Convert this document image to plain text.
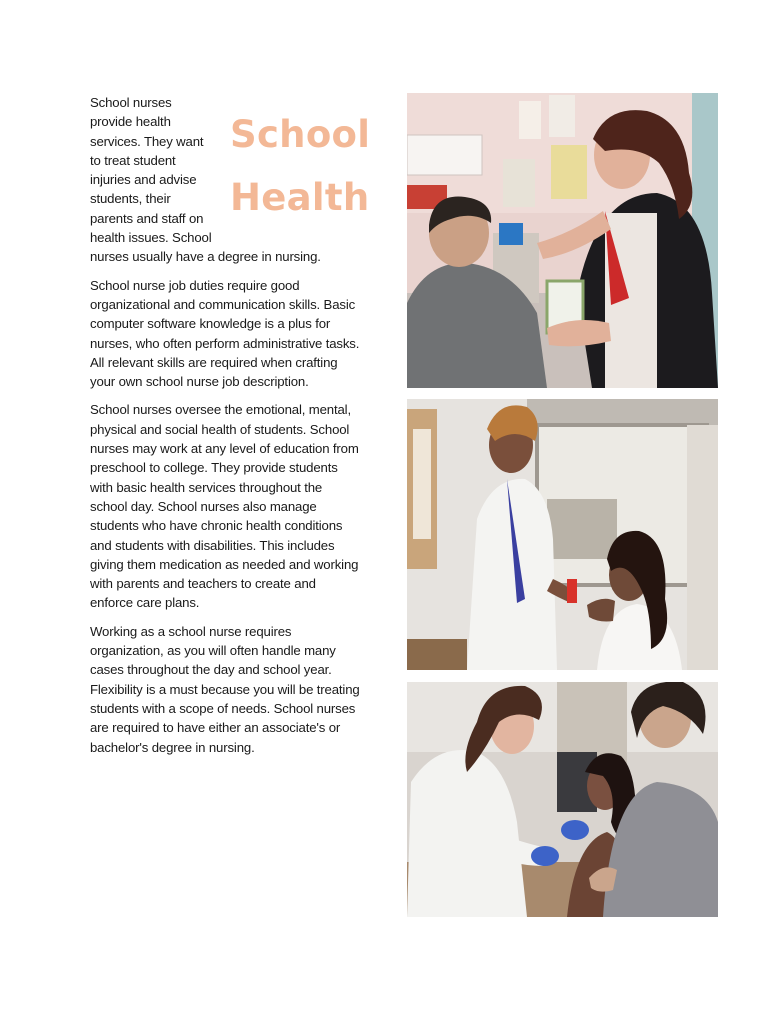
School
Health

School nurses provide health services. They want to treat student injuries and advise students, their parents and staff on health issues. School nurses usually have a degree in nursing.

School nurse job duties require good organizational and communication skills. Basic computer software knowledge is a plus for nurses, who often perform administrative tasks. All relevant skills are required when crafting your own school nurse job description.

School nurses oversee the emotional, mental, physical and social health of students. School nurses may work at any level of education from preschool to college. They provide students with basic health services throughout the school day. School nurses also manage students who have chronic health conditions and students with disabilities. This includes giving them medication as needed and working with parents and teachers to create and enforce care plans.

Working as a school nurse requires organization, as you will often handle many cases throughout the day and school year. Flexibility is a must because you will be treating students with a scope of needs. School nurses are required to have either an associate's or bachelor's degree in nursing.
